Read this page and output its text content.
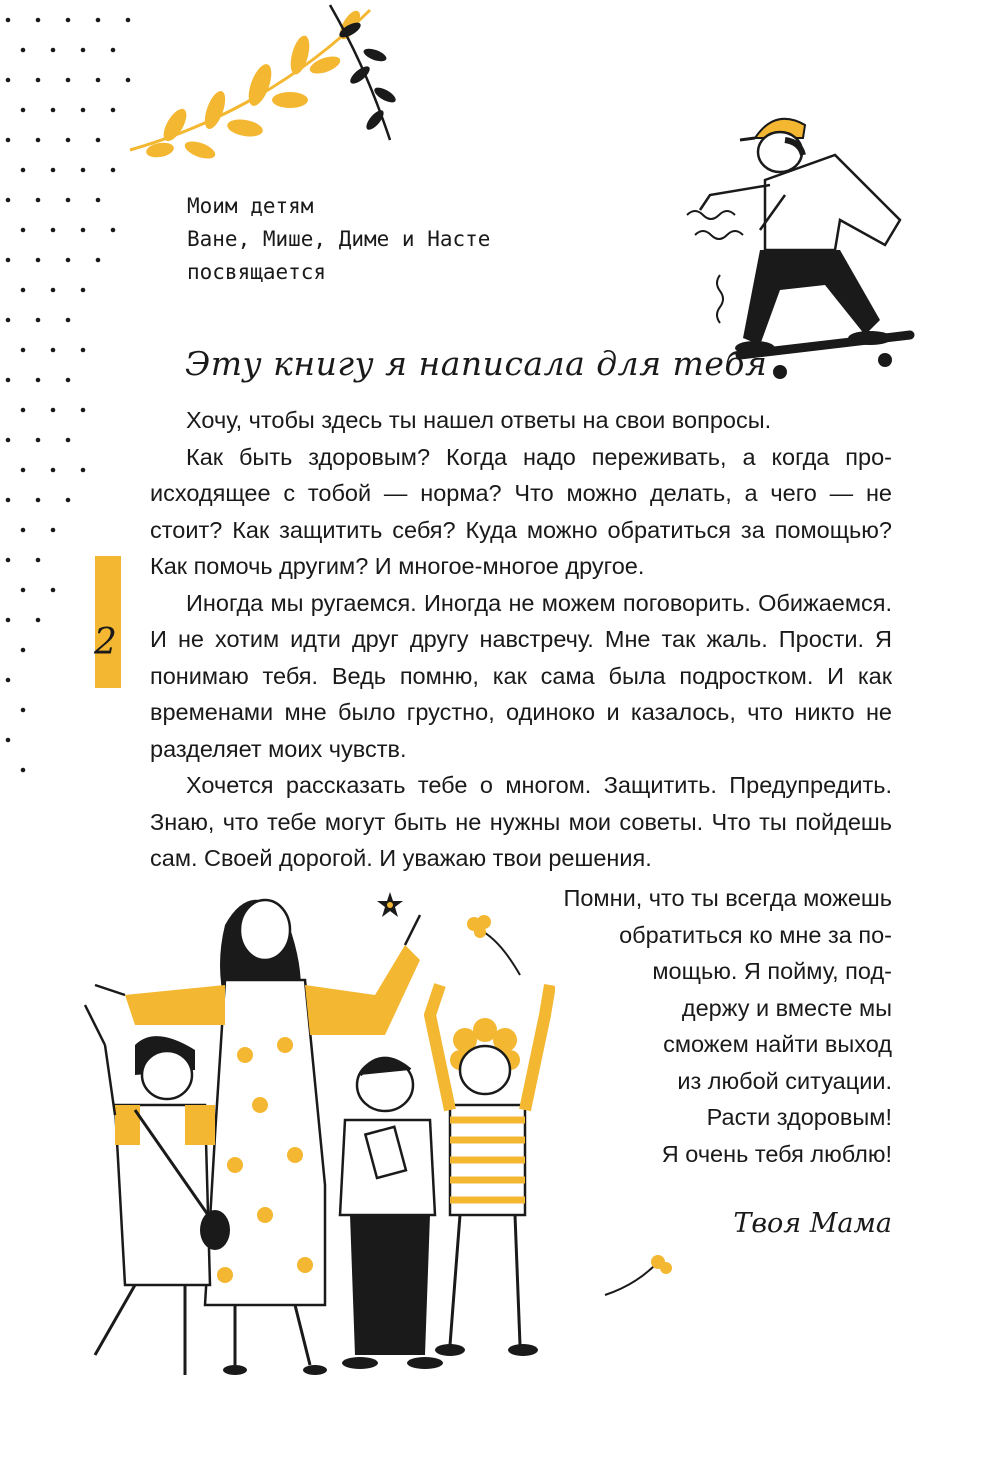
Моим детям
Ване, Мише, Диме и Насте
посвящается
Эту книгу я написала для тебя
2

Хочу, чтобы здесь ты нашел ответы на свои вопросы.

Как быть здоровым? Когда надо переживать, а когда происходящее с тобой — норма? Что можно делать, а чего — не стоит? Как защитить себя? Куда можно обратиться за помощью? Как помочь другим? И многое-многое другое.

Иногда мы ругаемся. Иногда не можем поговорить. Обижаемся. И не хотим идти друг другу навстречу. Мне так жаль. Прости. Я понимаю тебя. Ведь помню, как сама была подростком. И как временами мне было грустно, одиноко и казалось, что никто не разделяет моих чувств.

Хочется рассказать тебе о многом. Защитить. Предупредить. Знаю, что тебе могут быть не нужны мои советы. Что ты пойдешь сам. Своей дорогой. И уважаю твои решения.

Помни, что ты всегда можешь
обратиться ко мне за по-
мощью. Я пойму, под-
держу и вместе мы
сможем найти выход
из любой ситуации.
Расти здоровым!
Я очень тебя люблю!
Твоя Мама
